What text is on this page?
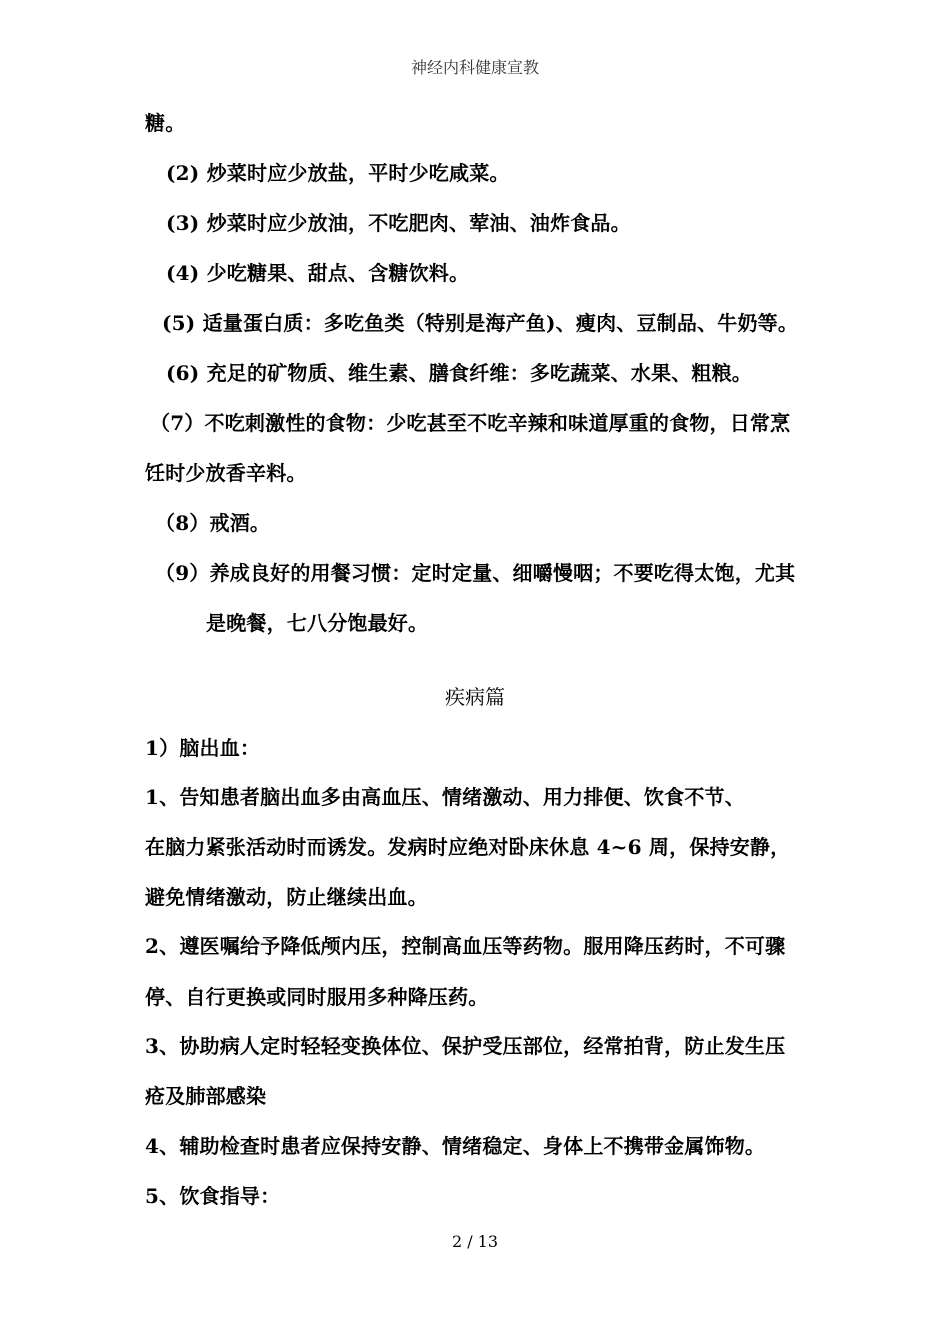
神经内科健康宣教
糖。
(2) 炒菜时应少放盐，平时少吃咸菜。
(3) 炒菜时应少放油，不吃肥肉、荤油、油炸食品。
(4) 少吃糖果、甜点、含糖饮料。
(5) 适量蛋白质：多吃鱼类（特别是海产鱼)、瘦肉、豆制品、牛奶等。
(6) 充足的矿物质、维生素、膳食纤维：多吃蔬菜、水果、粗粮。
（7）不吃刺激性的食物：少吃甚至不吃辛辣和味道厚重的食物，日常烹
饪时少放香辛料。
（8）戒酒。
（9）养成良好的用餐习惯：定时定量、细嚼慢咽；不要吃得太饱，尤其
是晚餐，七八分饱最好。
疾病篇
1）脑出血：
1、告知患者脑出血多由高血压、情绪激动、用力排便、饮食不节、
在脑力紧张活动时而诱发。发病时应绝对卧床休息 4~6 周，保持安静，
避免情绪激动，防止继续出血。
2、遵医嘱给予降低颅内压，控制高血压等药物。服用降压药时，不可骤
停、自行更换或同时服用多种降压药。
3、协助病人定时轻轻变换体位、保护受压部位，经常拍背，防止发生压
疮及肺部感染
4、辅助检查时患者应保持安静、情绪稳定、身体上不携带金属饰物。
5、饮食指导：
2 / 13
